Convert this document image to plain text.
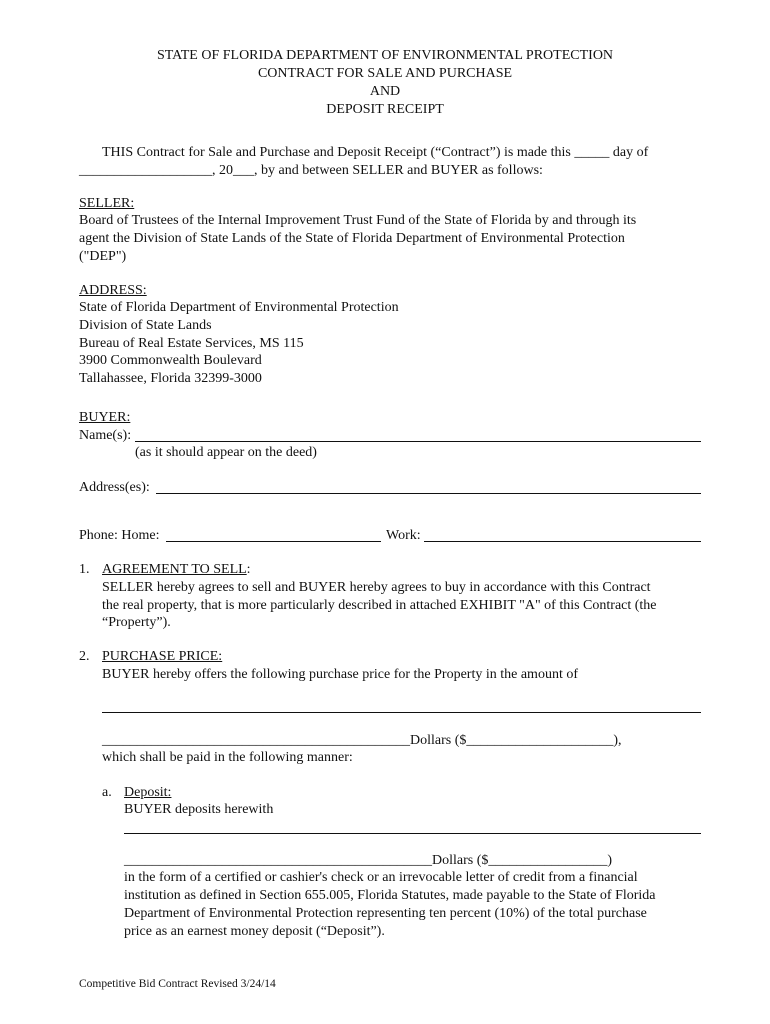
STATE OF FLORIDA DEPARTMENT OF ENVIRONMENTAL PROTECTION
CONTRACT FOR SALE AND PURCHASE
AND
DEPOSIT RECEIPT
THIS Contract for Sale and Purchase and Deposit Receipt (“Contract”) is made this _____ day of
___________________, 20___, by and between SELLER and BUYER as follows:
SELLER:
Board of Trustees of the Internal Improvement Trust Fund of the State of Florida by and through its
agent the Division of State Lands of the State of Florida Department of Environmental Protection
("DEP")
ADDRESS:
State of Florida Department of Environmental Protection
Division of State Lands
Bureau of Real Estate Services, MS 115
3900 Commonwealth Boulevard
Tallahassee, Florida 32399-3000
BUYER:
Name(s):
(as it should appear on the deed)
Address(es):
Phone: Home:	Work:
1. AGREEMENT TO SELL:
SELLER hereby agrees to sell and BUYER hereby agrees to buy in accordance with this Contract
the real property, that is more particularly described in attached EXHIBIT "A" of this Contract (the
“Property”).
2. PURCHASE PRICE:
BUYER hereby offers the following purchase price for the Property in the amount of
____________________________________________Dollars ($_____________________),
which shall be paid in the following manner:
a. Deposit:
BUYER deposits herewith
____________________________________________Dollars ($_________________)
in the form of a certified or cashier's check or an irrevocable letter of credit from a financial
institution as defined in Section 655.005, Florida Statutes, made payable to the State of Florida
Department of Environmental Protection representing ten percent (10%) of the total purchase
price as an earnest money deposit (“Deposit”).
Competitive Bid Contract Revised 3/24/14
